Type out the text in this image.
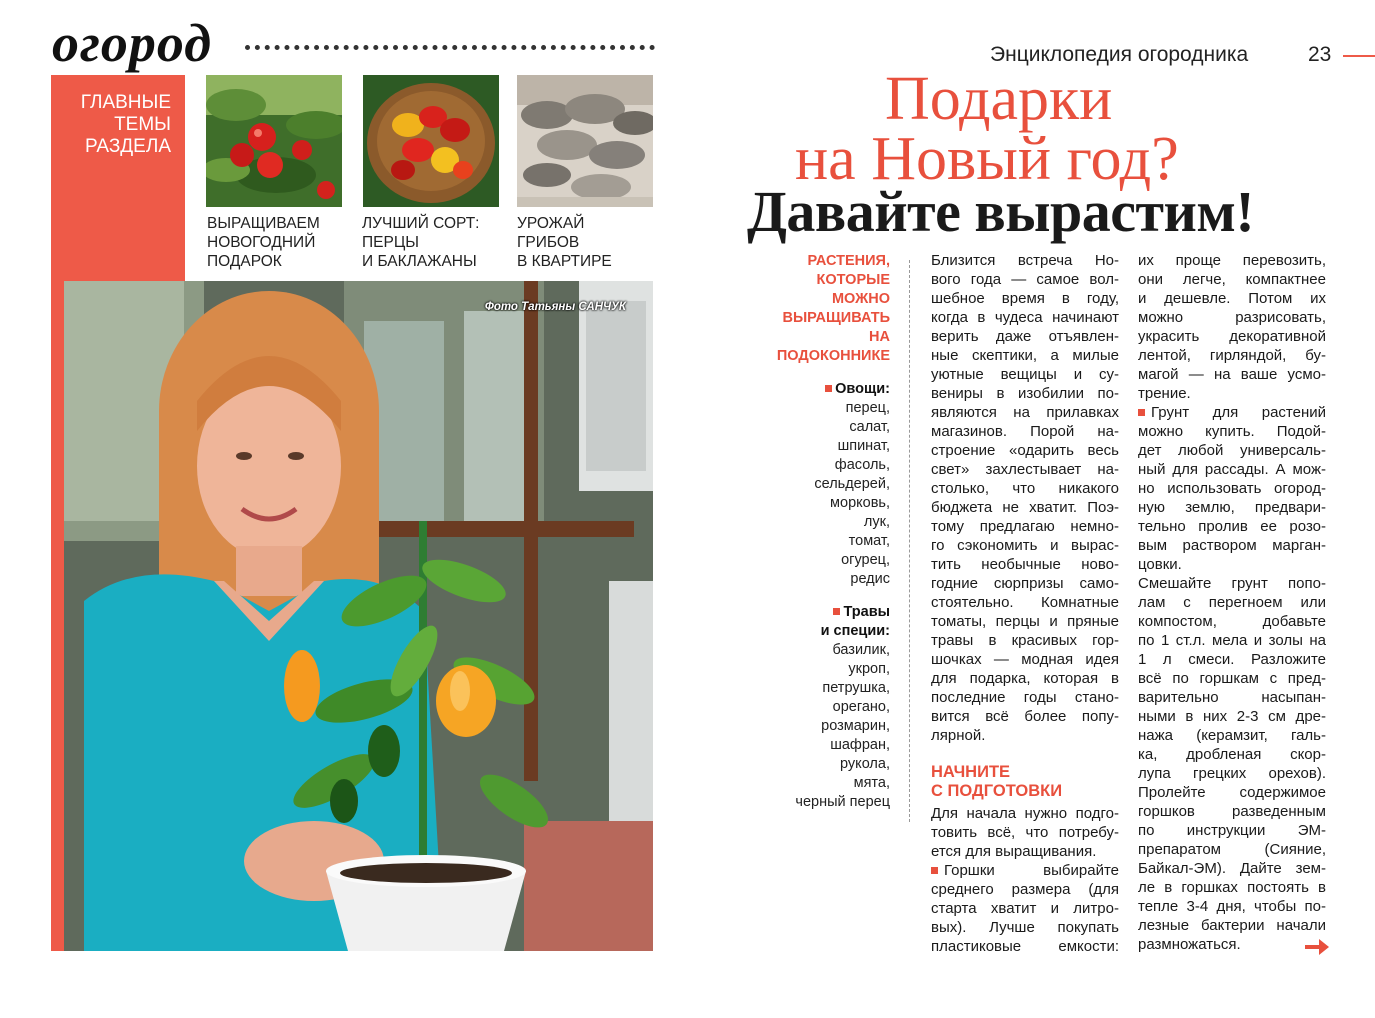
огород
ГЛАВНЫЕ
ТЕМЫ
РАЗДЕЛА
ВЫРАЩИВАЕМ
НОВОГОДНИЙ
ПОДАРОК
ЛУЧШИЙ СОРТ:
ПЕРЦЫ
И БАКЛАЖАНЫ
УРОЖАЙ
ГРИБОВ
В КВАРТИРЕ
Фото Татьяны САНЧУК
Энциклопедия огородника	23
Подарки
на Новый год?
Давайте вырастим!
РАСТЕНИЯ,
КОТОРЫЕ
МОЖНО
ВЫРАЩИВАТЬ
НА
ПОДОКОННИКЕ
Овощи:
перец,
салат,
шпинат,
фасоль,
сельдерей,
морковь,
лук,
томат,
огурец,
редис
Травы
и специи:
базилик,
укроп,
петрушка,
орегано,
розмарин,
шафран,
рукола,
мята,
черный перец
Близится встреча Но-
вого года — самое вол-
шебное время в году,
когда в чудеса начинают
верить даже отъявлен-
ные скептики, а милые
уютные вещицы и су-
вениры в изобилии по-
являются на прилавках
магазинов. Порой на-
строение «одарить весь
свет» захлестывает на-
столько, что никакого
бюджета не хватит. Поэ-
тому предлагаю немно-
го сэкономить и вырас-
тить необычные ново-
годние сюрпризы само-
стоятельно. Комнатные
томаты, перцы и пряные
травы в красивых гор-
шочках — модная идея
для подарка, которая в
последние годы стано-
вится всё более попу-
лярной.
НАЧНИТЕ
С ПОДГОТОВКИ
Для начала нужно подго-
товить всё, что потребу-
ется для выращивания.
Горшки выбирайте
среднего размера (для
старта хватит и литро-
вых). Лучше покупать
пластиковые емкости:
их проще перевозить,
они легче, компактнее
и дешевле. Потом их
можно разрисовать,
украсить декоративной
лентой, гирляндой, бу-
магой — на ваше усмо-
трение.
Грунт для растений
можно купить. Подой-
дет любой универсаль-
ный для рассады. А мож-
но использовать огород-
ную землю, предвари-
тельно пролив ее розо-
вым раствором марган-
цовки.
Смешайте грунт попо-
лам с перегноем или
компостом, добавьте
по 1 ст.л. мела и золы на
1 л смеси. Разложите
всё по горшкам с пред-
варительно насыпан-
ными в них 2-3 см дре-
нажа (керамзит, галь-
ка, дробленая скор-
лупа грецких орехов).
Пролейте содержимое
горшков разведенным
по инструкции ЭМ-
препаратом (Сияние,
Байкал-ЭМ). Дайте зем-
ле в горшках постоять в
тепле 3-4 дня, чтобы по-
лезные бактерии начали
размножаться.
